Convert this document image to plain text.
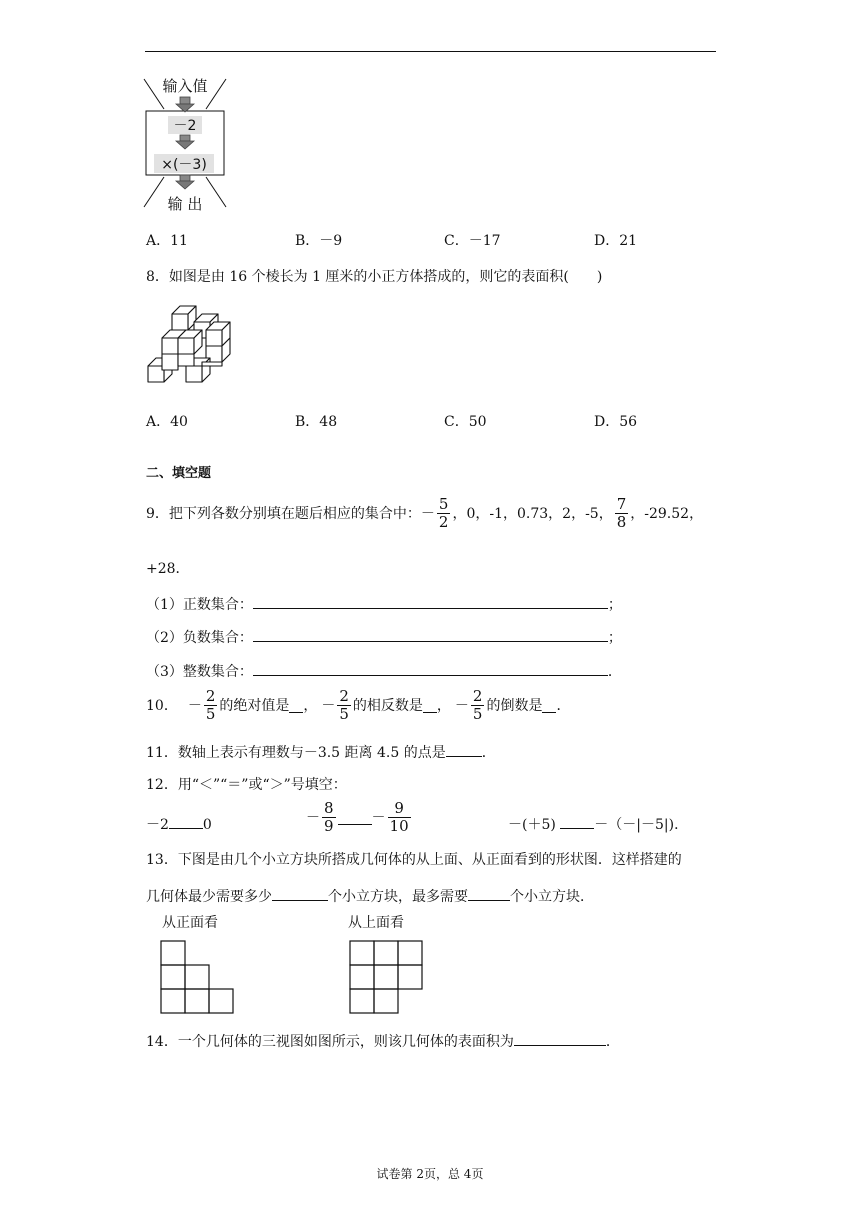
输入值
－2
×(－3)
输 出
A．11	B．－9	C．－17	D．21
8．如图是由 16 个棱长为 1 厘米的小正方体搭成的，则它的表面积(　　)
A．40	B．48	C．50	D．56
二、填空题
9．把下列各数分别填在题后相应的集合中：－ $\frac{5}{2}$ ，0，-1，0.73，2，-5， $\frac{7}{8}$ ，-29.52，
+28．
（1）正数集合：	；
（2）负数集合：	；
（3）整数集合：	．
10． － $\frac{2}{5}$ 的绝对值是 ， － $\frac{2}{5}$ 的相反数是 ， － $\frac{2}{5}$ 的倒数是 ．
11．数轴上表示有理数与－3.5 距离 4.5 的点是	．
12．用“＜”“＝”或“＞”号填空：
－2 0	－ $\frac{8}{9}$	－ $\frac{9}{10}$	－(＋5)	－（－|－5|)．
13．下图是由几个小立方块所搭成几何体的从上面、从正面看到的形状图．这样搭建的
几何体最少需要多少	个小立方块，最多需要	个小立方块．
从正面看	从上面看
14．一个几何体的三视图如图所示，则该几何体的表面积为	．
试卷第 2页，总 4页
